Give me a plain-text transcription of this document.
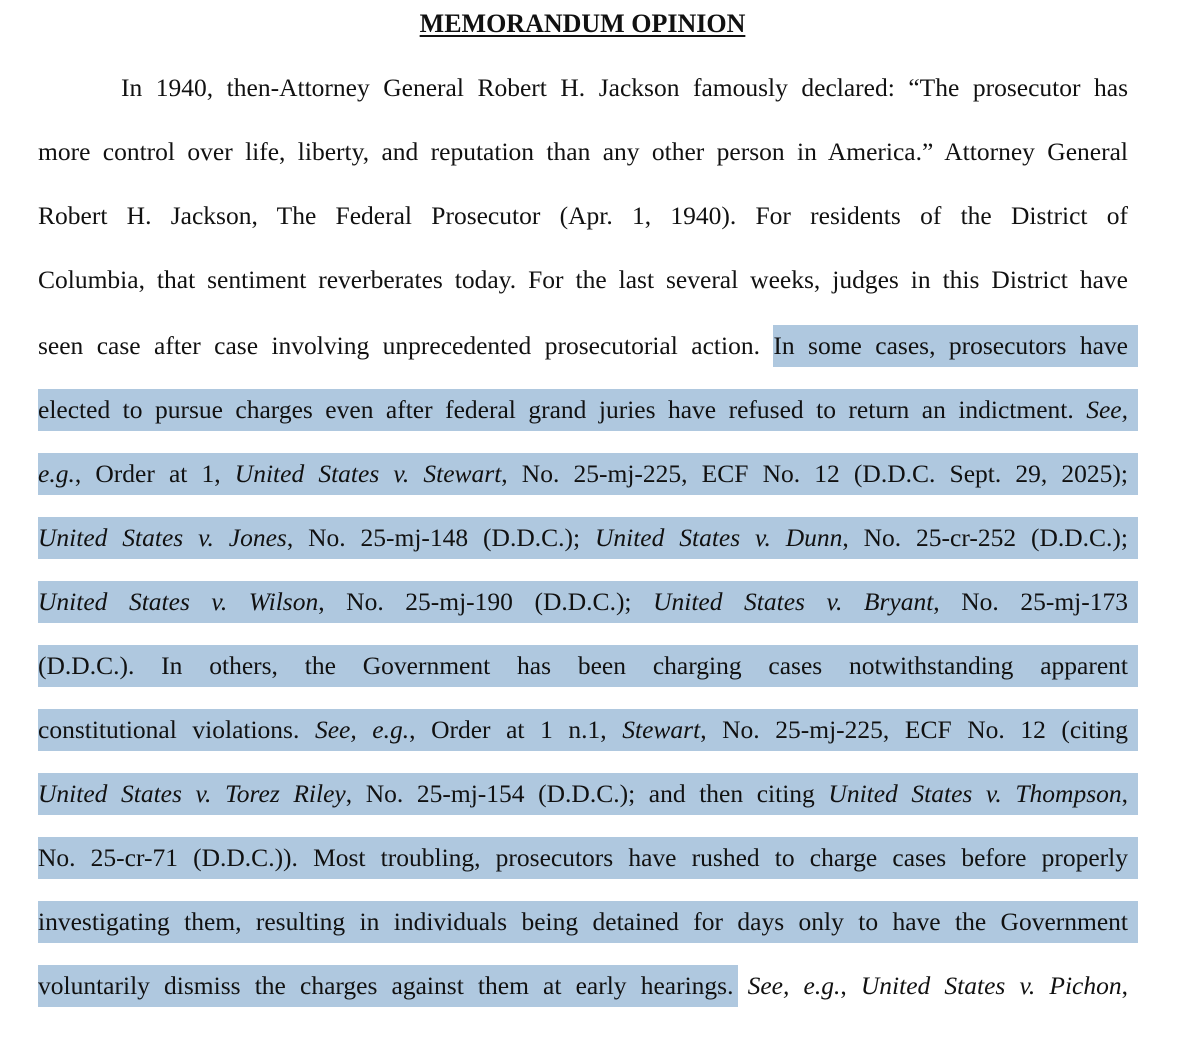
MEMORANDUM OPINION
In 1940, then-Attorney General Robert H. Jackson famously declared: “The prosecutor has
more control over life, liberty, and reputation than any other person in America.” Attorney General
Robert H. Jackson, The Federal Prosecutor (Apr. 1, 1940). For residents of the District of
Columbia, that sentiment reverberates today. For the last several weeks, judges in this District have
seen case after case involving unprecedented prosecutorial action. In some cases, prosecutors have
elected to pursue charges even after federal grand juries have refused to return an indictment. See,
e.g., Order at 1, United States v. Stewart, No. 25-mj-225, ECF No. 12 (D.D.C. Sept. 29, 2025);
United States v. Jones, No. 25-mj-148 (D.D.C.); United States v. Dunn, No. 25-cr-252 (D.D.C.);
United States v. Wilson, No. 25-mj-190 (D.D.C.); United States v. Bryant, No. 25-mj-173
(D.D.C.). In others, the Government has been charging cases notwithstanding apparent
constitutional violations. See, e.g., Order at 1 n.1, Stewart, No. 25-mj-225, ECF No. 12 (citing
United States v. Torez Riley, No. 25-mj-154 (D.D.C.); and then citing United States v. Thompson,
No. 25-cr-71 (D.D.C.)). Most troubling, prosecutors have rushed to charge cases before properly
investigating them, resulting in individuals being detained for days only to have the Government
voluntarily dismiss the charges against them at early hearings. See, e.g., United States v. Pichon,
